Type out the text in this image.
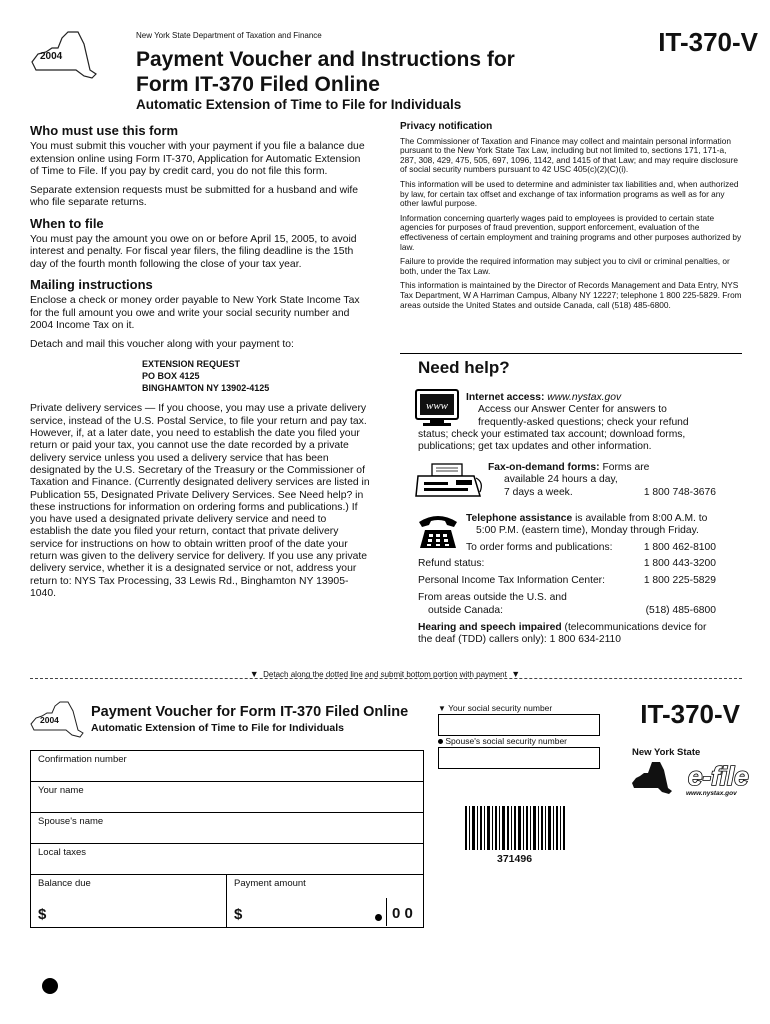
2004
New York State Department of Taxation and Finance
Payment Voucher and Instructions for Form IT-370 Filed Online
Automatic Extension of Time to File for Individuals
IT-370-V
Who must use this form

You must submit this voucher with your payment if you file a balance due extension online using Form IT-370, Application for Automatic Extension of Time to File. If you pay by credit card, you do not file this form.

Separate extension requests must be submitted for a husband and wife who file separate returns.

When to file

You must pay the amount you owe on or before April 15, 2005, to avoid interest and penalty. For fiscal year filers, the filing deadline is the 15th day of the fourth month following the close of your tax year.

Mailing instructions

Enclose a check or money order payable to New York State Income Tax for the full amount you owe and write your social security number and 2004 Income Tax on it.

Detach and mail this voucher along with your payment to:

EXTENSION REQUEST
PO BOX 4125
BINGHAMTON NY 13902-4125

Private delivery services — If you choose, you may use a private delivery service, instead of the U.S. Postal Service, to file your return and pay tax. However, if, at a later date, you need to establish the date you filed your return or paid your tax, you cannot use the date recorded by a private delivery service unless you used a delivery service that has been designated by the U.S. Secretary of the Treasury or the Commissioner of Taxation and Finance. (Currently designated delivery services are listed in Publication 55, Designated Private Delivery Services. See Need help? in these instructions for information on ordering forms and publications.) If you have used a designated private delivery service and need to establish the date you filed your return, contact that private delivery service for instructions on how to obtain written proof of the date your return was given to the delivery service for delivery. If you use any private delivery service, whether it is a designated service or not, address your return to: NYS Tax Processing, 33 Lewis Rd., Binghamton NY 13905-1040.

Privacy notification

The Commissioner of Taxation and Finance may collect and maintain personal information pursuant to the New York State Tax Law, including but not limited to, sections 171, 171-a, 287, 308, 429, 475, 505, 697, 1096, 1142, and 1415 of that Law; and may require disclosure of social security numbers pursuant to 42 USC 405(c)(2)(C)(i).

This information will be used to determine and administer tax liabilities and, when authorized by law, for certain tax offset and exchange of tax information programs as well as for any other lawful purpose.

Information concerning quarterly wages paid to employees is provided to certain state agencies for purposes of fraud prevention, support enforcement, evaluation of the effectiveness of certain employment and training programs and other purposes authorized by law.

Failure to provide the required information may subject you to civil or criminal penalties, or both, under the Tax Law.

This information is maintained by the Director of Records Management and Data Entry, NYS Tax Department, W A Harriman Campus, Albany NY 12227; telephone 1 800 225-5829. From areas outside the United States and outside Canada, call (518) 485-6800.

Need help?
www
Internet access: www.nystax.gov
Access our Answer Center for answers to
frequently-asked questions; check your refund
status; check your estimated tax account; download forms,
publications; get tax updates and other information.
Fax-on-demand forms: Forms are
available 24 hours a day,
7 days a week.	1 800 748-3676
Telephone assistance is available from 8:00 A.M. to
5:00 P.M. (eastern time), Monday through Friday.
To order forms and publications:	1 800 462-8100
Refund status:	1 800 443-3200
Personal Income Tax Information Center:	1 800 225-5829
From areas outside the U.S. and
outside Canada:	(518) 485-6800
Hearing and speech impaired (telecommunications device for
the deaf (TDD) callers only): 1 800 634-2110
▼ Detach along the dotted line and submit bottom portion with payment ▼
2004 Payment Voucher for Form IT-370 Filed Online
Automatic Extension of Time to File for Individuals	IT-370-V
▼ Your social security number
Spouse's social security number
New York State
e-file
www.nystax.gov
Confirmation number
Your name
Spouse's name
Local taxes
Balance due
$
Payment amount
$	0 0
371496
